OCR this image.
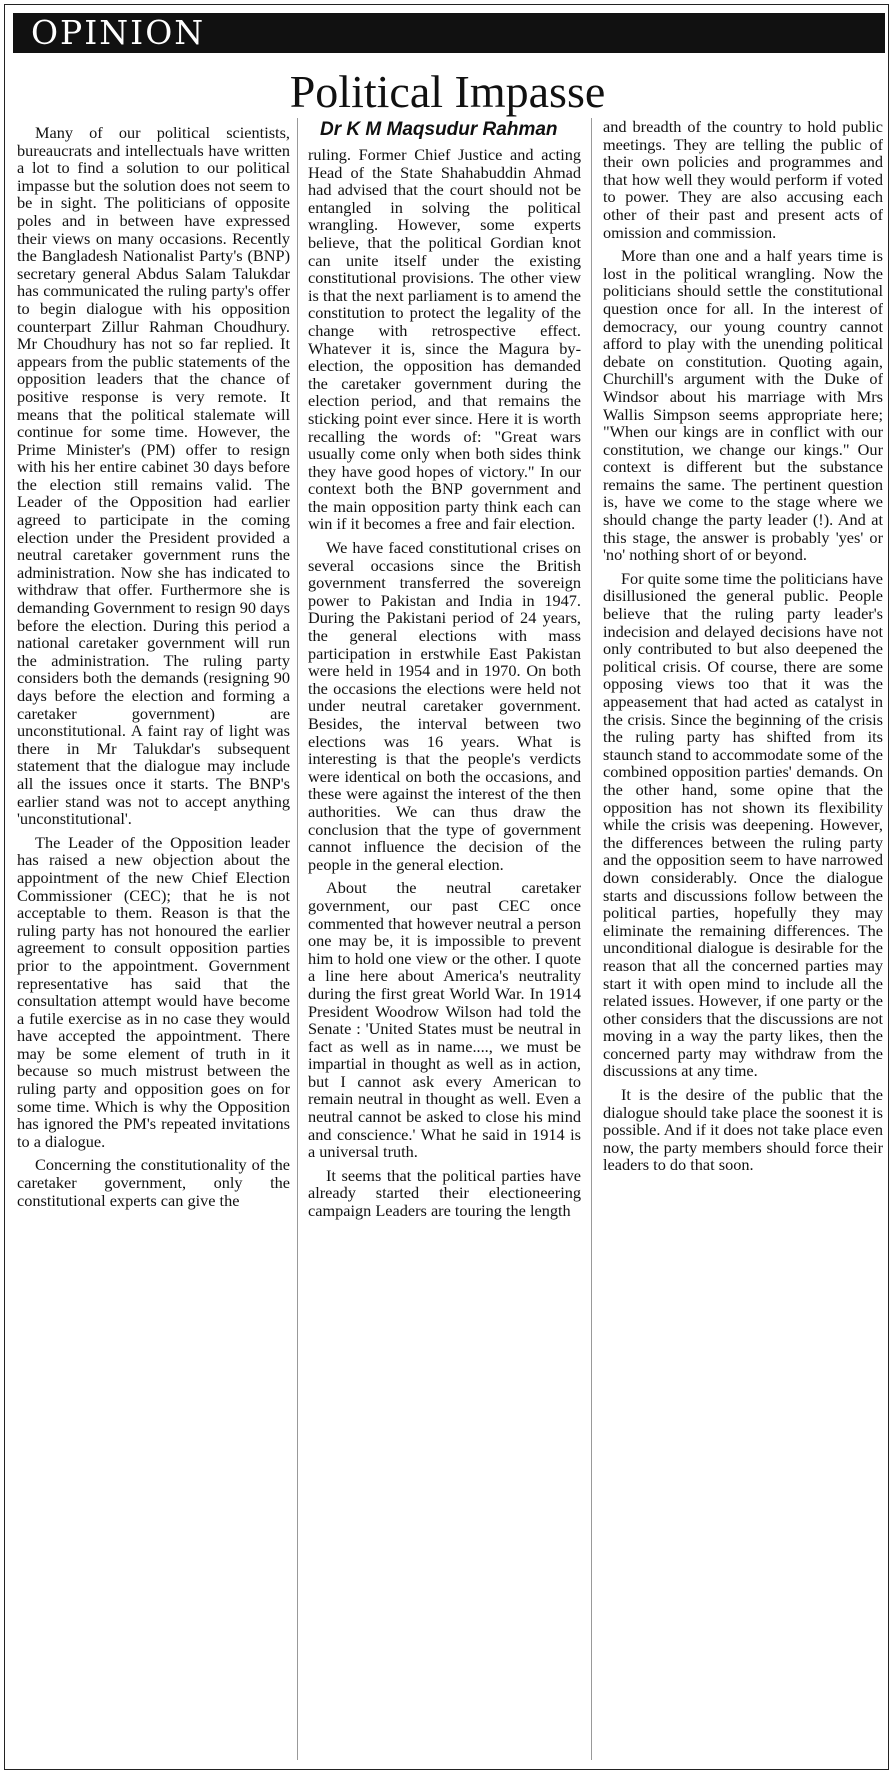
OPINION
Political Impasse

Many of our political scientists, bureaucrats and intellectuals have written a lot to find a solution to our political impasse but the solution does not seem to be in sight. The politicians of opposite poles and in between have expressed their views on many occasions. Recently the Bangladesh Nationalist Party's (BNP) secretary general Abdus Salam Talukdar has communicated the ruling party's offer to begin dialogue with his opposition counterpart Zillur Rahman Choudhury. Mr Choudhury has not so far replied. It appears from the public statements of the opposition leaders that the chance of positive response is very remote. It means that the political stalemate will continue for some time. However, the Prime Minister's (PM) offer to resign with his her entire cabinet 30 days before the election still remains valid. The Leader of the Opposition had earlier agreed to participate in the coming election under the President provided a neutral caretaker government runs the administration. Now she has indicated to withdraw that offer. Furthermore she is demanding Government to resign 90 days before the election. During this period a national caretaker government will run the administration. The ruling party considers both the demands (resigning 90 days before the election and forming a caretaker government) are unconstitutional. A faint ray of light was there in Mr Talukdar's subsequent statement that the dialogue may include all the issues once it starts. The BNP's earlier stand was not to accept anything 'unconstitutional'.

The Leader of the Opposition leader has raised a new objection about the appointment of the new Chief Election Commissioner (CEC); that he is not acceptable to them. Reason is that the ruling party has not honoured the earlier agreement to consult opposition parties prior to the appointment. Government representative has said that the consultation attempt would have become a futile exercise as in no case they would have accepted the appointment. There may be some element of truth in it because so much mistrust between the ruling party and opposition goes on for some time. Which is why the Opposition has ignored the PM's repeated invitations to a dialogue.

Concerning the constitutionality of the caretaker government, only the constitutional experts can give the

Dr K M Maqsudur Rahman

ruling. Former Chief Justice and acting Head of the State Shahabuddin Ahmad had advised that the court should not be entangled in solving the political wrangling. However, some experts believe, that the political Gordian knot can unite itself under the existing constitutional provisions. The other view is that the next parliament is to amend the constitution to protect the legality of the change with retrospective effect. Whatever it is, since the Magura by-election, the opposition has demanded the caretaker government during the election period, and that remains the sticking point ever since. Here it is worth recalling the words of: "Great wars usually come only when both sides think they have good hopes of victory." In our context both the BNP government and the main opposition party think each can win if it becomes a free and fair election.

We have faced constitutional crises on several occasions since the British government transferred the sovereign power to Pakistan and India in 1947. During the Pakistani period of 24 years, the general elections with mass participation in erstwhile East Pakistan were held in 1954 and in 1970. On both the occasions the elections were held not under neutral caretaker government. Besides, the interval between two elections was 16 years. What is interesting is that the people's verdicts were identical on both the occasions, and these were against the interest of the then authorities. We can thus draw the conclusion that the type of government cannot influence the decision of the people in the general election.

About the neutral caretaker government, our past CEC once commented that however neutral a person one may be, it is impossible to prevent him to hold one view or the other. I quote a line here about America's neutrality during the first great World War. In 1914 President Woodrow Wilson had told the Senate : 'United States must be neutral in fact as well as in name...., we must be impartial in thought as well as in action, but I cannot ask every American to remain neutral in thought as well. Even a neutral cannot be asked to close his mind and conscience.' What he said in 1914 is a universal truth.

It seems that the political parties have already started their electioneering campaign Leaders are touring the length

and breadth of the country to hold public meetings. They are telling the public of their own policies and programmes and that how well they would perform if voted to power. They are also accusing each other of their past and present acts of omission and commission.

More than one and a half years time is lost in the political wrangling. Now the politicians should settle the constitutional question once for all. In the interest of democracy, our young country cannot afford to play with the unending political debate on constitution. Quoting again, Churchill's argument with the Duke of Windsor about his marriage with Mrs Wallis Simpson seems appropriate here; "When our kings are in conflict with our constitution, we change our kings." Our context is different but the substance remains the same. The pertinent question is, have we come to the stage where we should change the party leader (!). And at this stage, the answer is probably 'yes' or 'no' nothing short of or beyond.

For quite some time the politicians have disillusioned the general public. People believe that the ruling party leader's indecision and delayed decisions have not only contributed to but also deepened the political crisis. Of course, there are some opposing views too that it was the appeasement that had acted as catalyst in the crisis. Since the beginning of the crisis the ruling party has shifted from its staunch stand to accommodate some of the combined opposition parties' demands. On the other hand, some opine that the opposition has not shown its flexibility while the crisis was deepening. However, the differences between the ruling party and the opposition seem to have narrowed down considerably. Once the dialogue starts and discussions follow between the political parties, hopefully they may eliminate the remaining differences. The unconditional dialogue is desirable for the reason that all the concerned parties may start it with open mind to include all the related issues. However, if one party or the other considers that the discussions are not moving in a way the party likes, then the concerned party may withdraw from the discussions at any time.

It is the desire of the public that the dialogue should take place the soonest it is possible. And if it does not take place even now, the party members should force their leaders to do that soon.
